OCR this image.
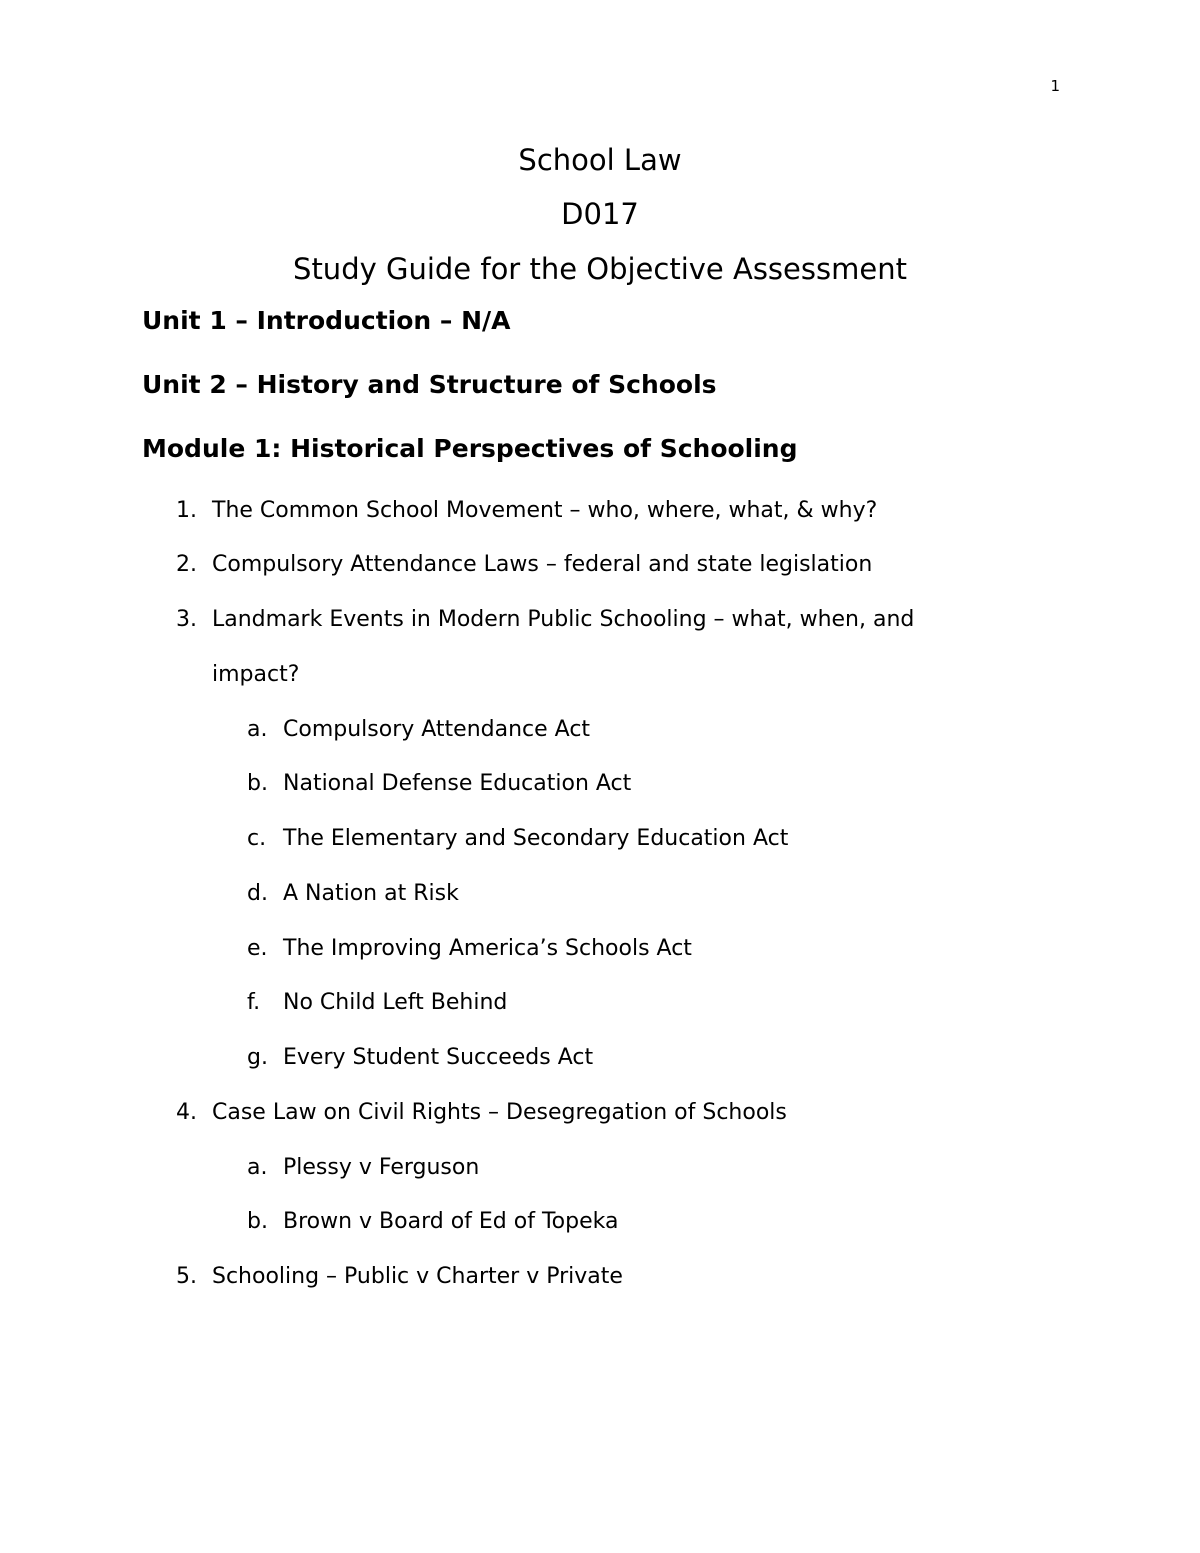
1
School Law
D017
Study Guide for the Objective Assessment
Unit 1 – Introduction – N/A
Unit 2 – History and Structure of Schools
Module 1: Historical Perspectives of Schooling
1. The Common School Movement – who, where, what, & why?
2. Compulsory Attendance Laws – federal and state legislation
3. Landmark Events in Modern Public Schooling – what, when, and
impact?
a. Compulsory Attendance Act
b. National Defense Education Act
c. The Elementary and Secondary Education Act
d. A Nation at Risk
e. The Improving America’s Schools Act
f. No Child Left Behind
g. Every Student Succeeds Act
4. Case Law on Civil Rights – Desegregation of Schools
a. Plessy v Ferguson
b. Brown v Board of Ed of Topeka
5. Schooling – Public v Charter v Private
